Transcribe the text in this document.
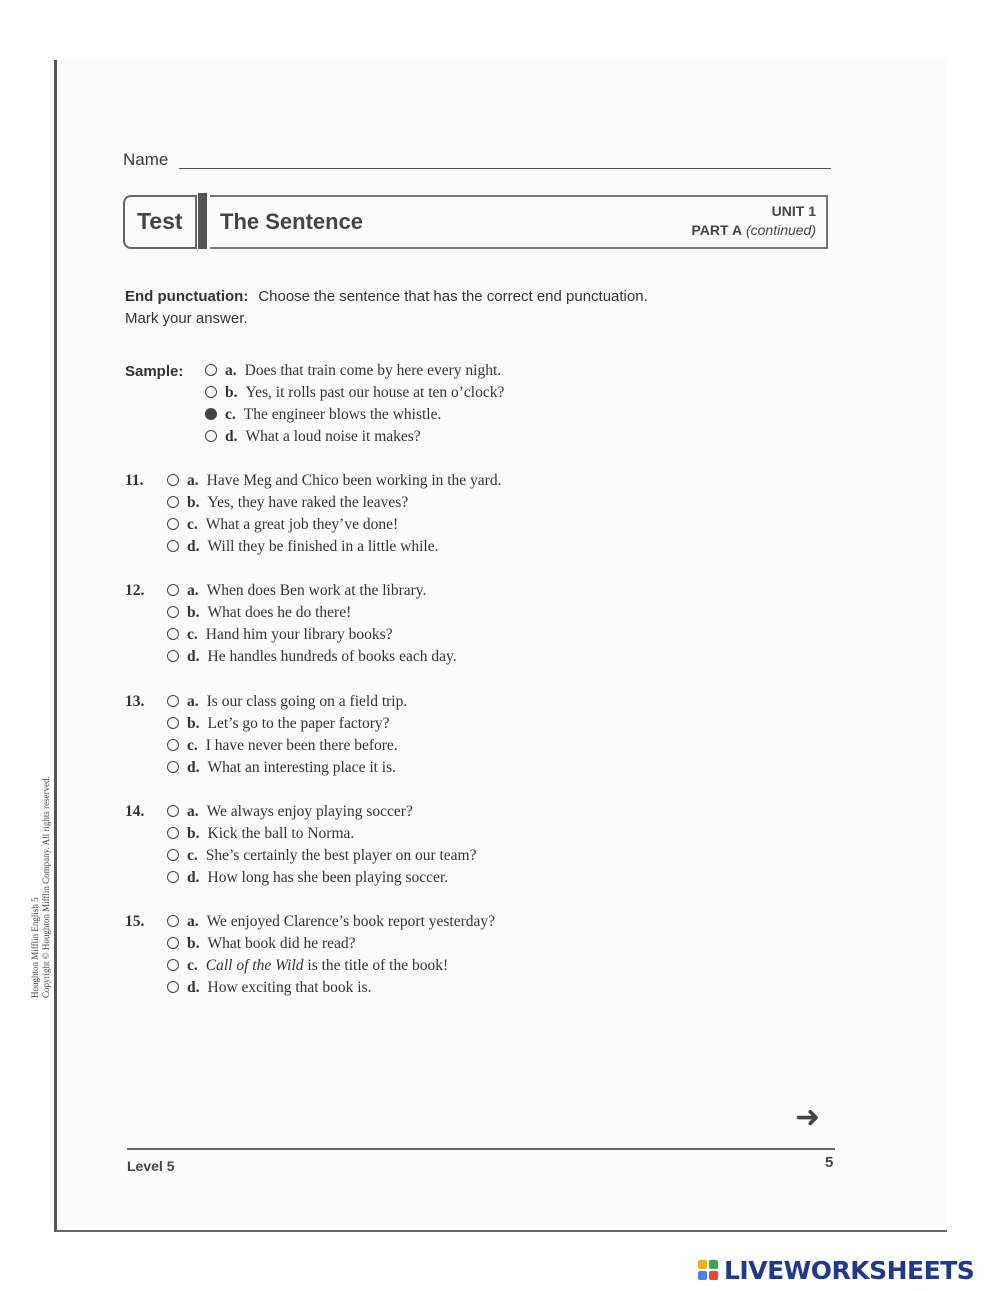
Name
Test The Sentence	UNIT 1
PART A (continued)
End punctuation: Choose the sentence that has the correct end punctuation.
Mark your answer.
Sample:	a. Does that train come by here every night.
b. Yes, it rolls past our house at ten o’clock?
c. The engineer blows the whistle.
d. What a loud noise it makes?
11.	a. Have Meg and Chico been working in the yard.
b. Yes, they have raked the leaves?
c. What a great job they’ve done!
d. Will they be finished in a little while.
12.	a. When does Ben work at the library.
b. What does he do there!
c. Hand him your library books?
d. He handles hundreds of books each day.
13.	a. Is our class going on a field trip.
b. Let’s go to the paper factory?
c. I have never been there before.
d. What an interesting place it is.
14.	a. We always enjoy playing soccer?
b. Kick the ball to Norma.
c. She’s certainly the best player on our team?
d. How long has she been playing soccer.
15.	a. We enjoyed Clarence’s book report yesterday?
b. What book did he read?
c. Call of the Wild is the title of the book!
d. How exciting that book is.
➜
Level 5	5
Houghton Mifflin English 5 Copyright © Houghton Mifflin Company. All rights reserved.
LIVEWORKSHEETS
